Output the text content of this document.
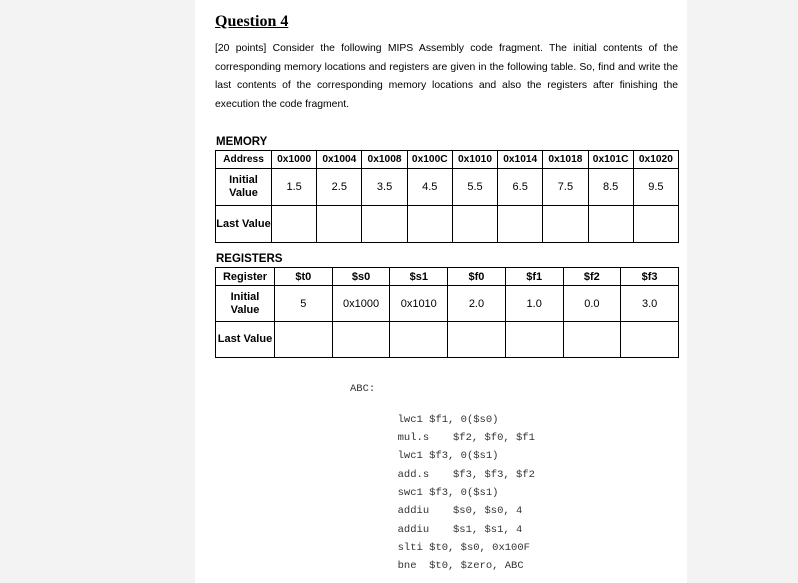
Question 4

[20 points] Consider the following MIPS Assembly code fragment. The initial contents of the corresponding memory locations and registers are given in the following table. So, find and write the last contents of the corresponding memory locations and also the registers after finishing the execution the code fragment.

MEMORY

Address	0x1000	0x1004	0x1008	0x100C	0x1010	0x1014	0x1018	0x101C	0x1020
Initial Value	1.5	2.5	3.5	4.5	5.5	6.5	7.5	8.5	9.5
Last Value									

REGISTERS

Register	$t0	$s0	$s1	$f0	$f1	$f2	$f3
Initial Value	5	0x1000	0x1010	2.0	1.0	0.0	3.0
Last Value							
ABC:

lwc1 $f1, 0($s0)

mul.s $f2, $f0, $f1

lwc1 $f3, 0($s1)

add.s $f3, $f3, $f2

swc1 $f3, 0($s1)

addiu $s0, $s0, 4

addiu $s1, $s1, 4

slti $t0, $s0, 0x100F

bne $t0, $zero, ABC
